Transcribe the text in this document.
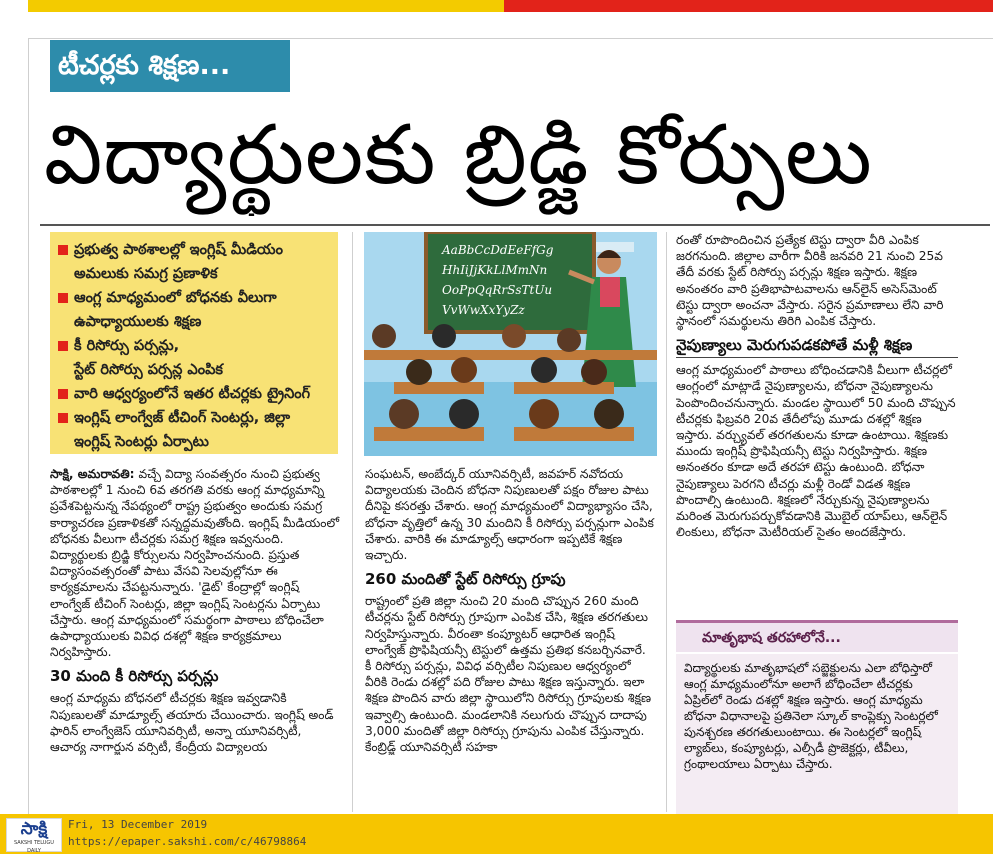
టీచర్లకు శిక్షణ...
విద్యార్థులకు బ్రిడ్జి కోర్సులు
ప్రభుత్వ పాఠశాలల్లో ఇంగ్లిష్ మీడియం
అమలుకు సమగ్ర ప్రణాళిక
ఆంగ్ల మాధ్యమంలో బోధనకు వీలుగా
ఉపాధ్యాయులకు శిక్షణ
కీ రిసోర్సు పర్సన్లు,
స్టేట్ రిసోర్సు పర్సన్ల ఎంపిక
వారి ఆధ్వర్యంలోనే ఇతర టీచర్లకు ట్రైనింగ్
ఇంగ్లిష్ లాంగ్వేజ్ టీచింగ్ సెంటర్లు, జిల్లా
ఇంగ్లిష్ సెంటర్లు ఏర్పాటు
AaBbCcDdEeFfGg
HhIiJjKkLlMmNn
OoPpQqRrSsTtUu
VvWwXxYyZz

సాక్షి, అమరావతి: వచ్చే విద్యా సంవత్సరం నుంచి ప్రభుత్వ పాఠశాలల్లో 1 నుంచి 6వ తరగతి వరకు ఆంగ్ల మాధ్యమాన్ని ప్రవేశపెట్టనున్న నేపథ్యంలో రాష్ట్ర ప్రభుత్వం అందుకు సమగ్ర కార్యాచరణ ప్రణాళికతో సన్నద్ధమవుతోంది. ఇంగ్లిష్ మీడియంలో బోధనకు వీలుగా టీచర్లకు సమగ్ర శిక్షణ ఇవ్వనుంది. విద్యార్థులకు బ్రిడ్జి కోర్సులను నిర్వహించనుంది. ప్రస్తుత విద్యాసంవత్సరంతో పాటు వేసవి సెలవుల్లోనూ ఈ కార్యక్రమాలను చేపట్టనున్నారు. 'డైట్' కేంద్రాల్లో ఇంగ్లిష్ లాంగ్వేజ్ టీచింగ్ సెంటర్లు, జిల్లా ఇంగ్లిష్ సెంటర్లను ఏర్పాటు చేస్తారు. ఆంగ్ల మాధ్యమంలో సమర్థంగా పాఠాలు బోధించేలా ఉపాధ్యాయులకు వివిధ దశల్లో శిక్షణ కార్యక్రమాలు నిర్వహిస్తారు.

30 మంది కీ రిసోర్సు పర్సన్లు

ఆంగ్ల మాధ్యమ బోధనలో టీచర్లకు శిక్షణ ఇవ్వడానికి నిపుణులతో మాడ్యూల్స్ తయారు చేయించారు. ఇంగ్లిష్ అండ్ ఫారిన్ లాంగ్వేజెస్ యూనివర్సిటీ, అన్నా యూనివర్సిటీ, ఆచార్య నాగార్జున వర్సిటీ, కేంద్రీయ విద్యాలయ

సంఘటన్, అంబేద్కర్ యూనివర్సిటీ, జవహర్ నవోదయ విద్యాలయకు చెందిన బోధనా నిపుణులతో పక్షం రోజుల పాటు దీనిపై కసరత్తు చేశారు. ఆంగ్ల మాధ్యమంలో విద్యాభ్యాసం చేసి, బోధనా వృత్తిలో ఉన్న 30 మందిని కీ రిసోర్సు పర్సన్లుగా ఎంపిక చేశారు. వారికి ఈ మాడ్యూల్స్ ఆధారంగా ఇప్పటికే శిక్షణ ఇచ్చారు.

260 మందితో స్టేట్ రిసోర్సు గ్రూపు

రాష్ట్రంలో ప్రతి జిల్లా నుంచి 20 మంది చొప్పున 260 మంది టీచర్లను స్టేట్ రిసోర్సు గ్రూపుగా ఎంపిక చేసి, శిక్షణ తరగతులు నిర్వహిస్తున్నారు. వీరంతా కంప్యూటర్ ఆధారిత ఇంగ్లిష్ లాంగ్వేజ్ ప్రొఫిషియన్సీ టెస్టులో ఉత్తమ ప్రతిభ కనబర్చినవారే. కీ రిసోర్సు పర్సన్లు, వివిధ వర్సిటీల నిపుణుల ఆధ్వర్యంలో వీరికి రెండు దశల్లో పది రోజుల పాటు శిక్షణ ఇస్తున్నారు. ఇలా శిక్షణ పొందిన వారు జిల్లా స్థాయిలోని రిసోర్సు గ్రూపులకు శిక్షణ ఇవ్వాల్సి ఉంటుంది. మండలానికి నలుగురు చొప్పున దాదాపు 3,000 మందితో జిల్లా రిసోర్సు గ్రూపును ఎంపిక చేస్తున్నారు. కేంబ్రిడ్జ్ యూనివర్సిటీ సహకా

రంతో రూపొందించిన ప్రత్యేక టెస్టు ద్వారా వీరి ఎంపిక జరగనుంది. జిల్లాల వారీగా వీరికి జనవరి 21 నుంచి 25వ తేదీ వరకు స్టేట్ రిసోర్సు పర్సన్లు శిక్షణ ఇస్తారు. శిక్షణ అనంతరం వారి ప్రతిభాపాటవాలను ఆన్‌లైన్ అసెస్‌మెంట్ టెస్టు ద్వారా అంచనా వేస్తారు. సరైన ప్రమాణాలు లేని వారి స్థానంలో సమర్థులను తిరిగి ఎంపిక చేస్తారు.

నైపుణ్యాలు మెరుగుపడకపోతే మళ్లీ శిక్షణ

ఆంగ్ల మాధ్యమంలో పాఠాలు బోధించడానికి వీలుగా టీచర్లలో ఆంగ్లంలో మాట్లాడే నైపుణ్యాలను, బోధనా నైపుణ్యాలను పెంపొందించనున్నారు. మండల స్థాయిలో 50 మంది చొప్పున టీచర్లకు ఫిబ్రవరి 20వ తేదీలోపు మూడు దశల్లో శిక్షణ ఇస్తారు. వర్చ్యువల్ తరగతులను కూడా ఉంటాయి. శిక్షణకు ముందు ఇంగ్లిష్ ప్రొఫిషియన్సీ టెస్టు నిర్వహిస్తారు. శిక్షణ అనంతరం కూడా అదే తరహా టెస్టు ఉంటుంది. బోధనా నైపుణ్యాలు పెరగని టీచర్లు మళ్లీ రెండో విడత శిక్షణ పొందాల్సి ఉంటుంది. శిక్షణలో నేర్చుకున్న నైపుణ్యాలను మరింత మెరుగుపర్చుకోవడానికి మొబైల్ యాప్‌లు, ఆన్‌లైన్ లింకులు, బోధనా మెటీరియల్ సైతం అందజేస్తారు.

మాతృభాష తరహాలోనే...
విద్యార్థులకు మాతృభాషలో సబ్జెక్టులను ఎలా బోధిస్తారో ఆంగ్ల మాధ్యమంలోనూ అలాగే బోధించేలా టీచర్లకు ఏప్రిల్‌లో రెండు దశల్లో శిక్షణ ఇస్తారు. ఆంగ్ల మాధ్యమ బోధనా విధానాలపై ప్రతినెలా స్కూల్ కాంప్లెక్సు సెంటర్లలో పునశ్చరణ తరగతులుంటాయి. ఈ సెంటర్లలో ఇంగ్లిష్ ల్యాబ్‌లు, కంప్యూటర్లు, ఎల్సీడీ ప్రొజెక్టర్లు, టీవీలు, గ్రంథాలయాలు ఏర్పాటు చేస్తారు.
సాక్షి
SAKSHI TELUGU DAILY
Fri, 13 December 2019
https://epaper.sakshi.com/c/46798864
